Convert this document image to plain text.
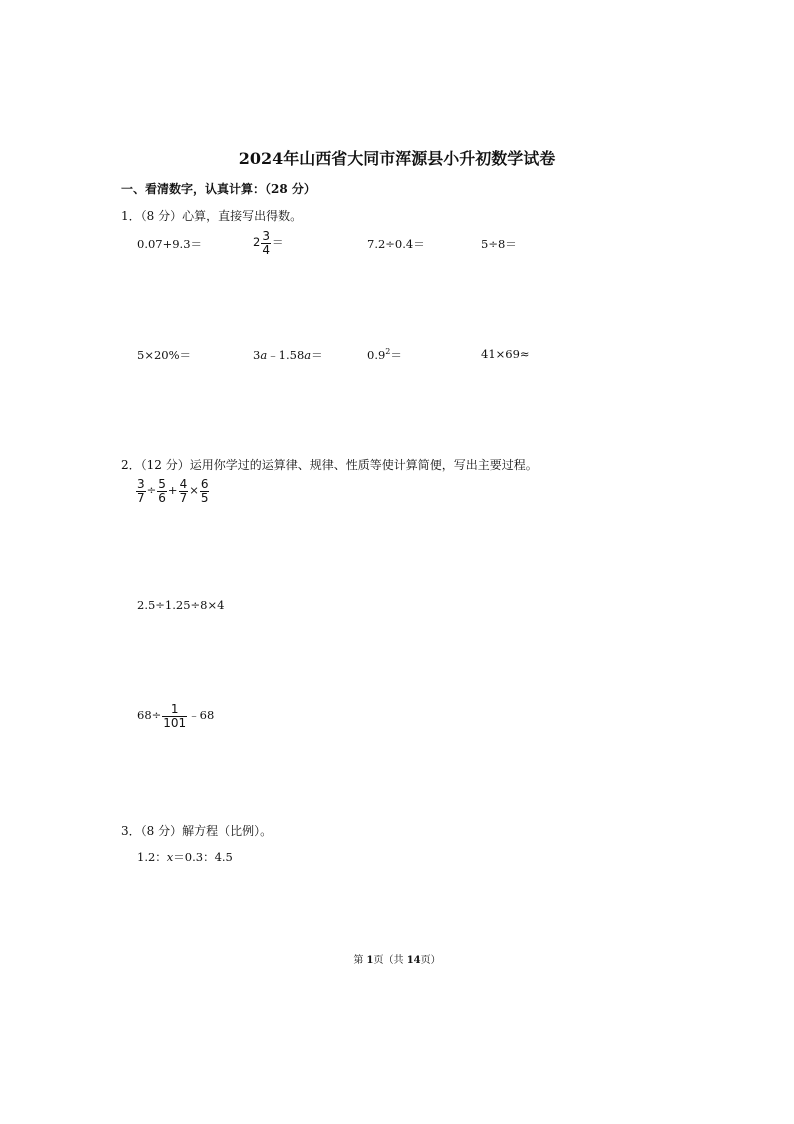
2024年山西省大同市浑源县小升初数学试卷
一、看清数字，认真计算：（28 分）
1．（8 分）心算，直接写出得数。
0.07+9.3＝	$2 \frac{3}{4}$ ＝	7.2÷0.4＝	5÷8＝
5×20%＝	3a﹣1.58a＝	$0.9^2=$	41×69≈
2．（12 分）运用你学过的运算律、规律、性质等使计算简便，写出主要过程。
$\frac{3}{7} \div \frac{5}{6} + \frac{4}{7} \times \frac{6}{5}$
2.5÷1.25÷8×4
$68\div \frac{1}{101}$ ﹣68
3．（8 分）解方程（比例）。
1.2：x＝0.3：4.5
第 1页（共 14页）
